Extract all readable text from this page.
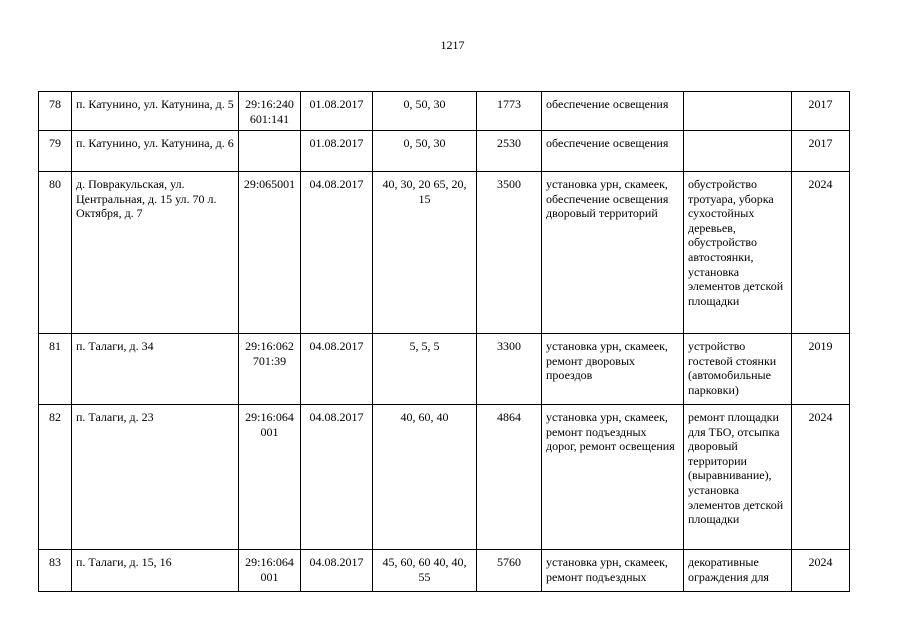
1217
78	п. Катунино, ул. Катунина, д. 5	29:16:240601:141	01.08.2017	0, 50, 30	1773	обеспечение освещения		2017
79	п. Катунино, ул. Катунина, д. 6		01.08.2017	0, 50, 30	2530	обеспечение освещения		2017
80	д. Повракульская, ул. Центральная, д. 15 ул. 70 л. Октября, д. 7	29:065001	04.08.2017	40, 30, 20 65, 20, 15	3500	установка урн, скамеек, обеспечение освещения дворовый территорий	обустройство тротуара, уборка сухостойных деревьев, обустройство автостоянки, установка элементов детской площадки	2024
81	п. Талаги, д. 34	29:16:062701:39	04.08.2017	5, 5, 5	3300	установка урн, скамеек, ремонт дворовых проездов	устройство гостевой стоянки (автомобильные парковки)	2019
82	п. Талаги, д. 23	29:16:064001	04.08.2017	40, 60, 40	4864	установка урн, скамеек, ремонт подъездных дорог, ремонт освещения	ремонт площадки для ТБО, отсыпка дворовый территории (выравнивание), установка элементов детской площадки	2024
83	п. Талаги, д. 15, 16	29:16:064001	04.08.2017	45, 60, 60 40, 40, 55	5760	установка урн, скамеек, ремонт подъездных	декоративные ограждения для	2024
